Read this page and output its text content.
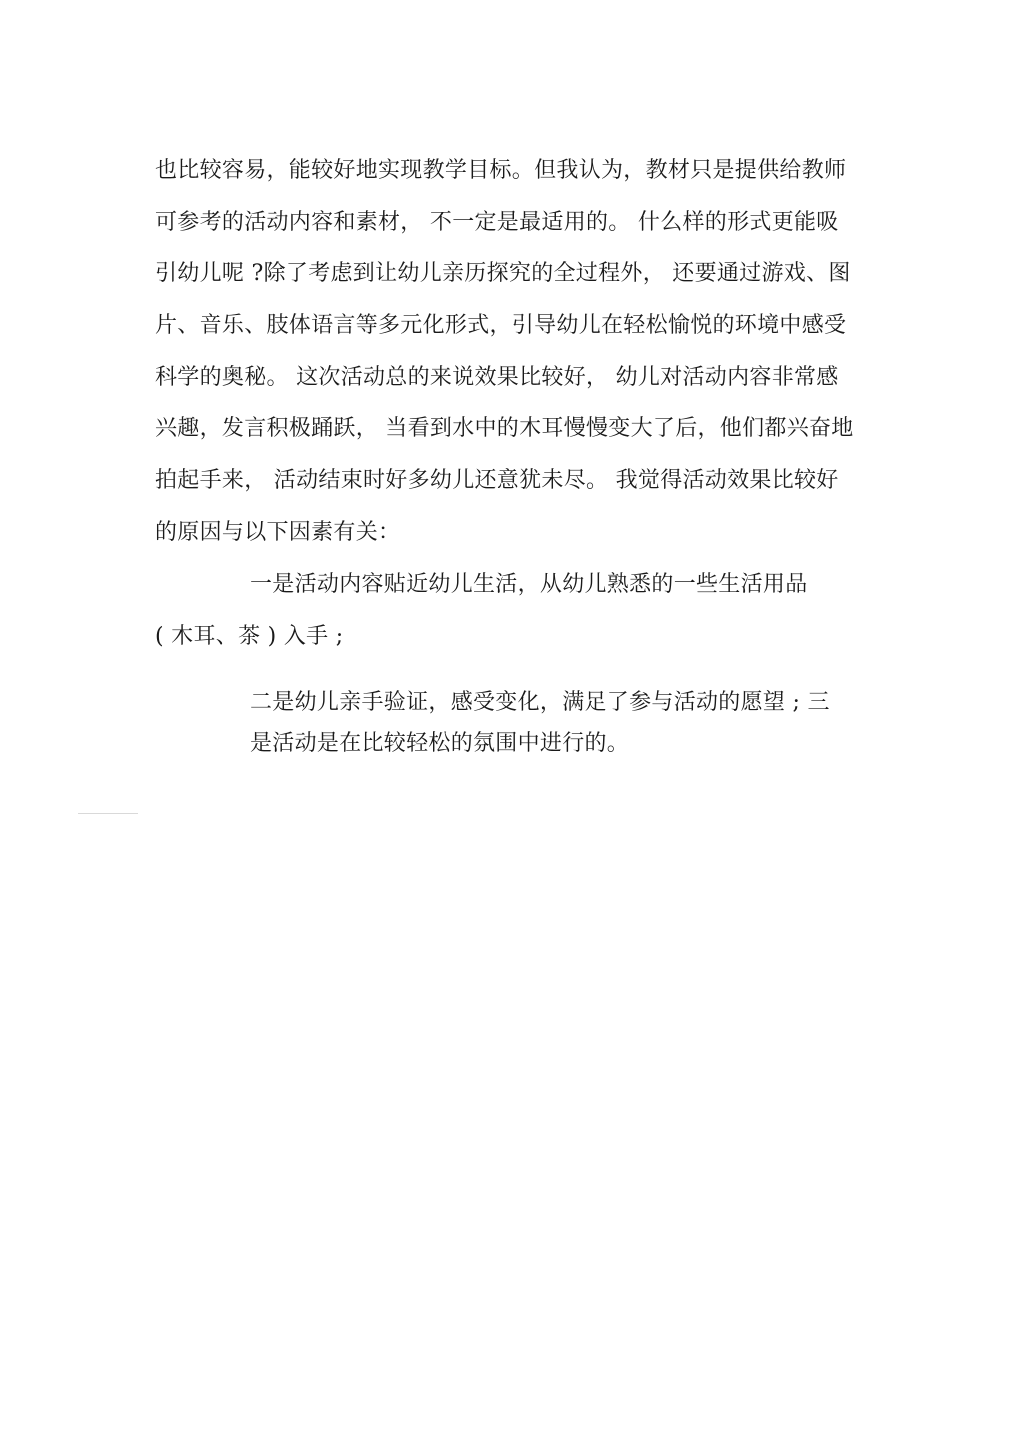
也比较容易，能较好地实现教学目标。但我认为，教材只是提供给教师
可参考的活动内容和素材， 不一定是最适用的。 什么样的形式更能吸
引幼儿呢 ?除了考虑到让幼儿亲历探究的全过程外， 还要通过游戏、图
片、音乐、肢体语言等多元化形式，引导幼儿在轻松愉悦的环境中感受
科学的奥秘。 这次活动总的来说效果比较好， 幼儿对活动内容非常感
兴趣，发言积极踊跃， 当看到水中的木耳慢慢变大了后，他们都兴奋地
拍起手来， 活动结束时好多幼儿还意犹未尽。 我觉得活动效果比较好
的原因与以下因素有关：
一是活动内容贴近幼儿生活，从幼儿熟悉的一些生活用品
( 木耳、茶 ) 入手 ;
二是幼儿亲手验证，感受变化，满足了参与活动的愿望 ; 三
是活动是在比较轻松的氛围中进行的。
